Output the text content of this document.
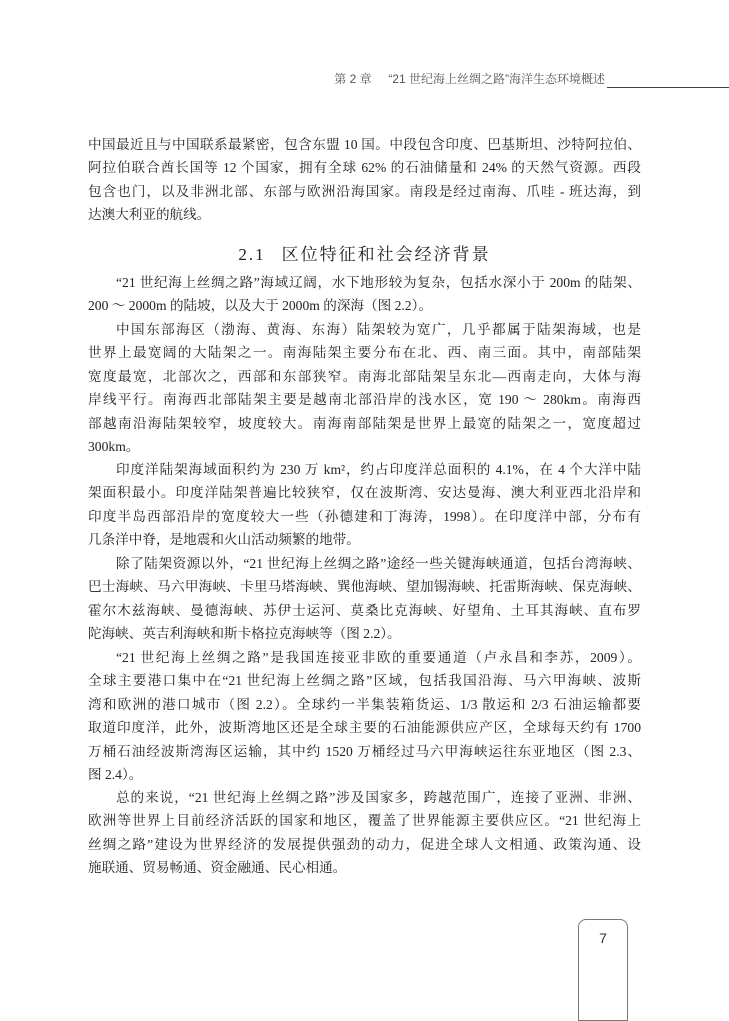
第 2 章 “21 世纪海上丝绸之路”海洋生态环境概述
中国最近且与中国联系最紧密，包含东盟 10 国。中段包含印度、巴基斯坦、沙特阿拉伯、
阿拉伯联合酋长国等 12 个国家，拥有全球 62% 的石油储量和 24% 的天然气资源。西段
包含也门，以及非洲北部、东部与欧洲沿海国家。南段是经过南海、爪哇 - 班达海，到
达澳大利亚的航线。
2.1 区位特征和社会经济背景
“21 世纪海上丝绸之路”海域辽阔，水下地形较为复杂，包括水深小于 200m 的陆架、
200 ～ 2000m 的陆坡，以及大于 2000m 的深海（图 2.2）。
中国东部海区（渤海、黄海、东海）陆架较为宽广，几乎都属于陆架海域，也是
世界上最宽阔的大陆架之一。南海陆架主要分布在北、西、南三面。其中，南部陆架
宽度最宽，北部次之，西部和东部狭窄。南海北部陆架呈东北—西南走向，大体与海
岸线平行。南海西北部陆架主要是越南北部沿岸的浅水区，宽 190 ～ 280km。南海西
部越南沿海陆架较窄，坡度较大。南海南部陆架是世界上最宽的陆架之一，宽度超过
300km。
印度洋陆架海域面积约为 230 万 km²，约占印度洋总面积的 4.1%，在 4 个大洋中陆
架面积最小。印度洋陆架普遍比较狭窄，仅在波斯湾、安达曼海、澳大利亚西北沿岸和
印度半岛西部沿岸的宽度较大一些（孙德建和丁海涛，1998）。在印度洋中部，分布有
几条洋中脊，是地震和火山活动频繁的地带。
除了陆架资源以外，“21 世纪海上丝绸之路”途经一些关键海峡通道，包括台湾海峡、
巴士海峡、马六甲海峡、卡里马塔海峡、巽他海峡、望加锡海峡、托雷斯海峡、保克海峡、
霍尔木兹海峡、曼德海峡、苏伊士运河、莫桑比克海峡、好望角、土耳其海峡、直布罗
陀海峡、英吉利海峡和斯卡格拉克海峡等（图 2.2）。
“21 世纪海上丝绸之路”是我国连接亚非欧的重要通道（卢永昌和李苏，2009）。
全球主要港口集中在“21 世纪海上丝绸之路”区域，包括我国沿海、马六甲海峡、波斯
湾和欧洲的港口城市（图 2.2）。全球约一半集装箱货运、1/3 散运和 2/3 石油运输都要
取道印度洋，此外，波斯湾地区还是全球主要的石油能源供应产区，全球每天约有 1700
万桶石油经波斯湾海区运输，其中约 1520 万桶经过马六甲海峡运往东亚地区（图 2.3、
图 2.4）。
总的来说，“21 世纪海上丝绸之路”涉及国家多，跨越范围广，连接了亚洲、非洲、
欧洲等世界上目前经济活跃的国家和地区，覆盖了世界能源主要供应区。“21 世纪海上
丝绸之路”建设为世界经济的发展提供强劲的动力，促进全球人文相通、政策沟通、设
施联通、贸易畅通、资金融通、民心相通。
7
